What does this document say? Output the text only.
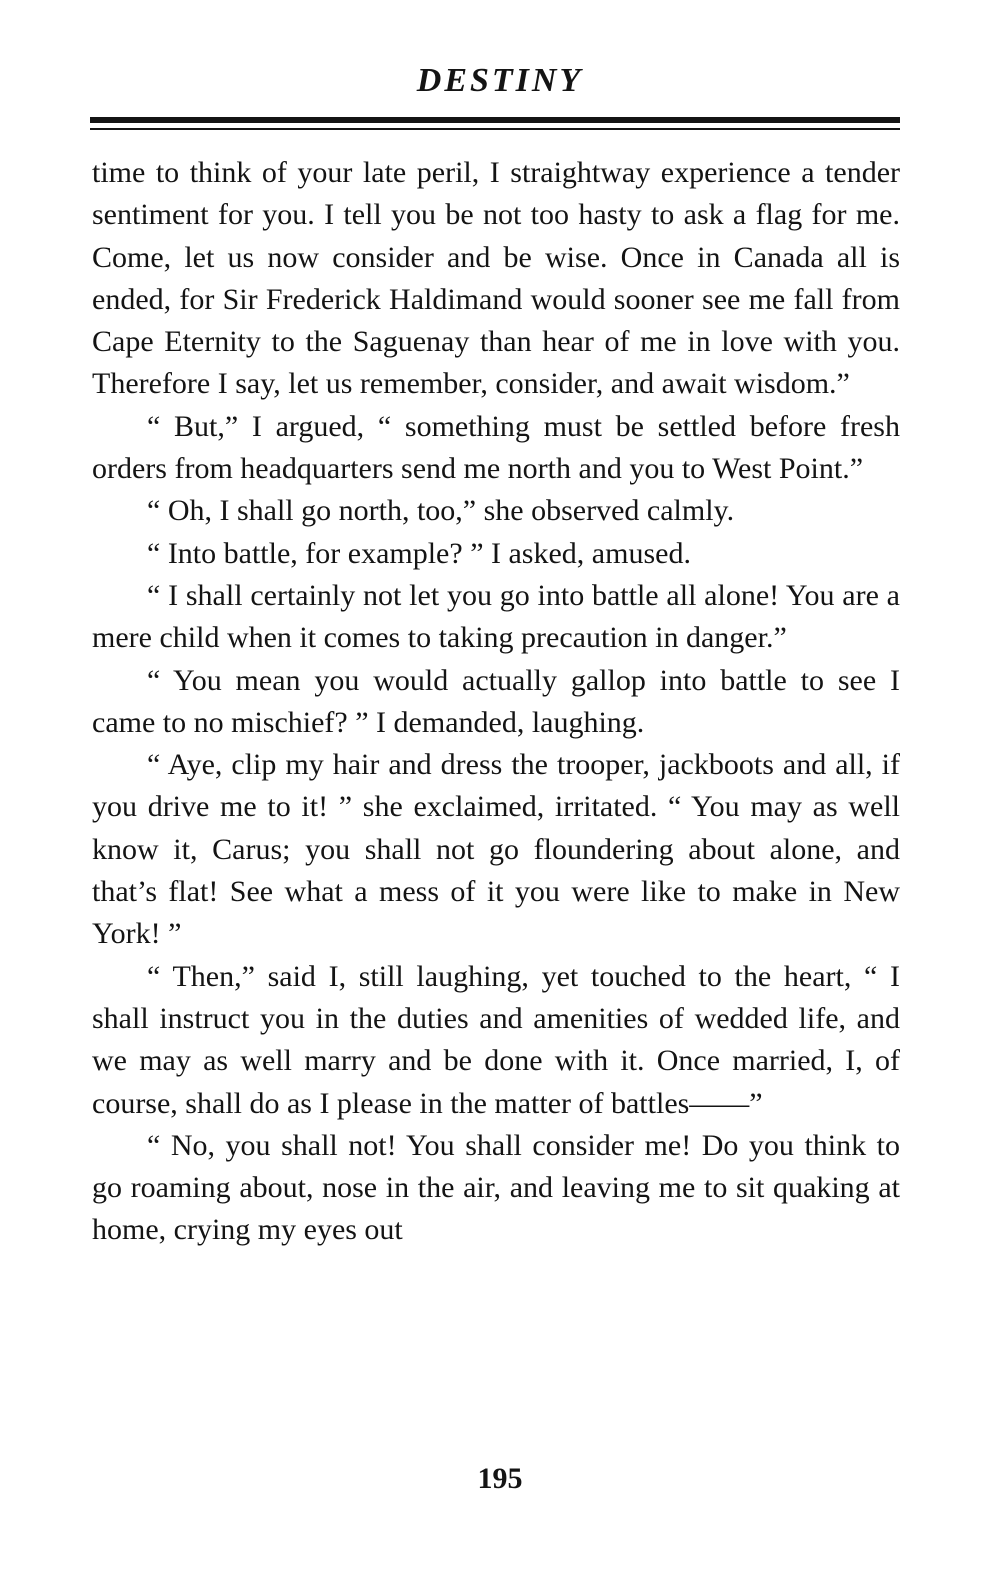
DESTINY

time to think of your late peril, I straightway experience a tender sentiment for you. I tell you be not too hasty to ask a flag for me. Come, let us now consider and be wise. Once in Canada all is ended, for Sir Frederick Haldimand would sooner see me fall from Cape Eternity to the Saguenay than hear of me in love with you. Therefore I say, let us remember, consider, and await wisdom.”

“ But,” I argued, “ something must be settled before fresh orders from headquarters send me north and you to West Point.”

“ Oh, I shall go north, too,” she observed calmly.

“ Into battle, for example? ” I asked, amused.

“ I shall certainly not let you go into battle all alone! You are a mere child when it comes to taking precaution in danger.”

“ You mean you would actually gallop into battle to see I came to no mischief? ” I demanded, laughing.

“ Aye, clip my hair and dress the trooper, jackboots and all, if you drive me to it! ” she exclaimed, irritated. “ You may as well know it, Carus; you shall not go floundering about alone, and that’s flat! See what a mess of it you were like to make in New York! ”

“ Then,” said I, still laughing, yet touched to the heart, “ I shall instruct you in the duties and amenities of wedded life, and we may as well marry and be done with it. Once married, I, of course, shall do as I please in the matter of battles——”

“ No, you shall not! You shall consider me! Do you think to go roaming about, nose in the air, and leaving me to sit quaking at home, crying my eyes out

195
